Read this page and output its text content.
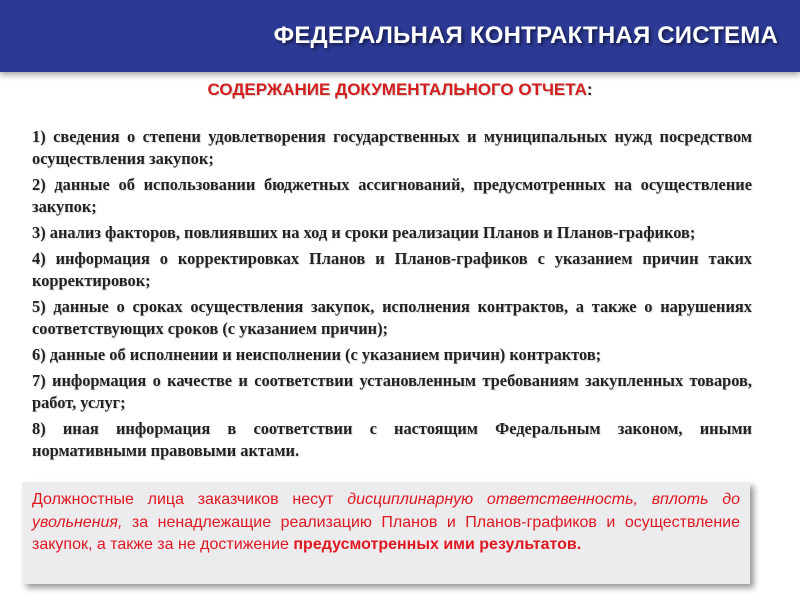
ФЕДЕРАЛЬНАЯ КОНТРАКТНАЯ СИСТЕМА
СОДЕРЖАНИЕ ДОКУМЕНТАЛЬНОГО ОТЧЕТА:
1) сведения о степени удовлетворения государственных и муниципальных нужд посредством осуществления закупок;
2) данные об использовании бюджетных ассигнований, предусмотренных на осуществление закупок;
3) анализ факторов, повлиявших на ход и сроки реализации Планов и Планов-графиков;
4) информация о корректировках Планов и Планов-графиков с указанием причин таких корректировок;
5) данные о сроках осуществления закупок, исполнения контрактов, а также о нарушениях соответствующих сроков (с указанием причин);
6) данные об исполнении и неисполнении (с указанием причин) контрактов;
7) информация о качестве и соответствии установленным требованиям закупленных товаров, работ, услуг;
8) иная информация в соответствии с настоящим Федеральным законом, иными нормативными правовыми актами.

Должностные лица заказчиков несут дисциплинарную ответственность, вплоть до увольнения, за ненадлежащие реализацию Планов и Планов-графиков и осуществление закупок, а также за не достижение предусмотренных ими результатов.
